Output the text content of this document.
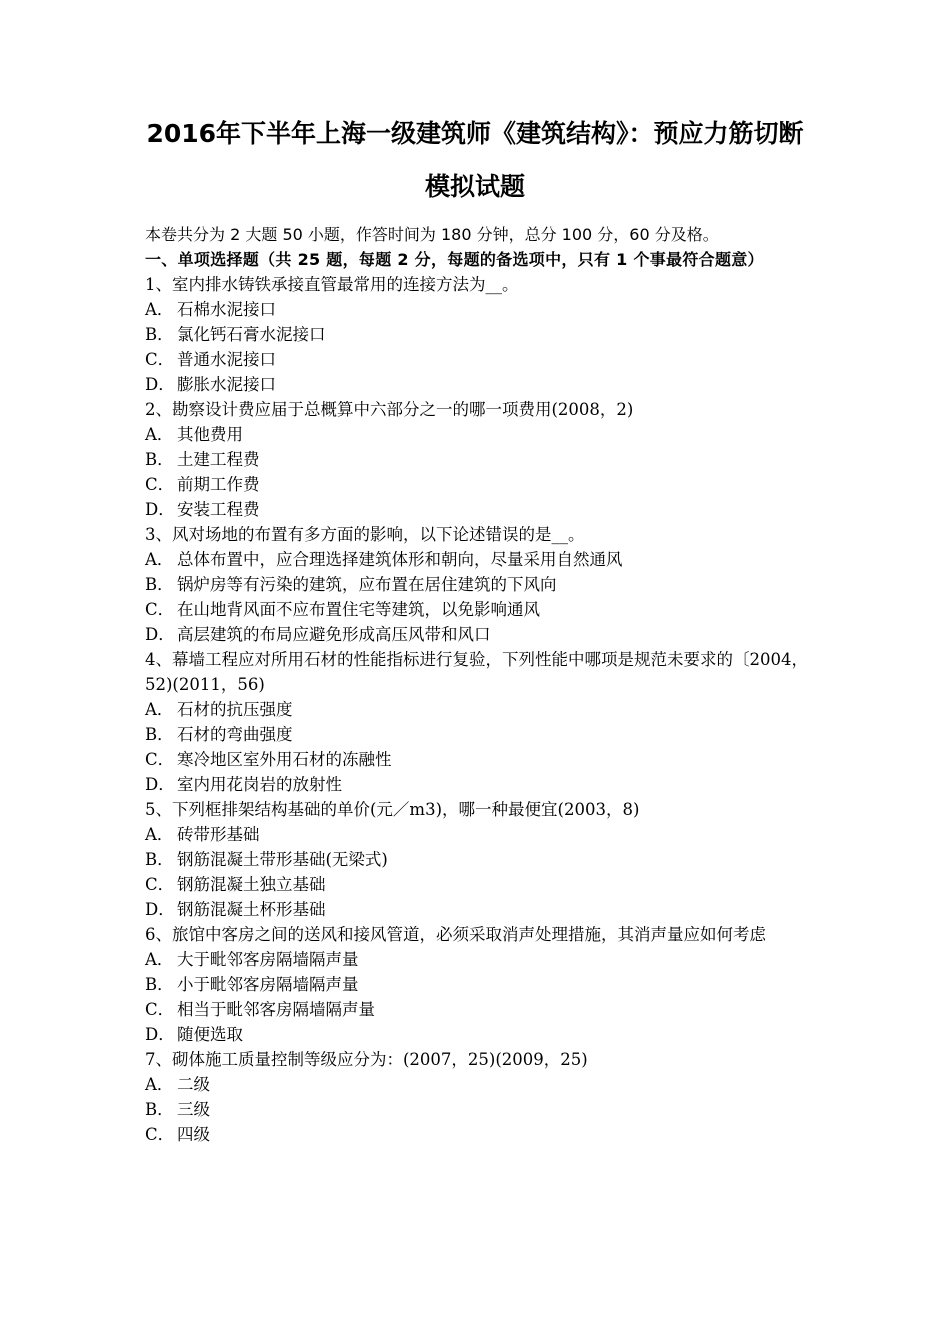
2016年下半年上海一级建筑师《建筑结构》：预应力筋切断
模拟试题
本卷共分为 2 大题 50 小题，作答时间为 180 分钟，总分 100 分，60 分及格。
一、单项选择题（共 25 题，每题 2 分，每题的备选项中，只有 1 个事最符合题意）
1、室内排水铸铁承接直管最常用的连接方法为__。
A． 石棉水泥接口
B． 氯化钙石膏水泥接口
C． 普通水泥接口
D． 膨胀水泥接口
2、勘察设计费应届于总概算中六部分之一的哪一项费用(2008，2)
A． 其他费用
B． 土建工程费
C． 前期工作费
D． 安装工程费
3、风对场地的布置有多方面的影响，以下论述错误的是__。
A． 总体布置中，应合理选择建筑体形和朝向，尽量采用自然通风
B． 锅炉房等有污染的建筑，应布置在居住建筑的下风向
C． 在山地背风面不应布置住宅等建筑，以免影响通风
D． 高层建筑的布局应避免形成高压风带和风口
4、幕墙工程应对所用石材的性能指标进行复验，下列性能中哪项是规范未要求的〔2004，52)(2011，56)
A． 石材的抗压强度
B． 石材的弯曲强度
C． 寒冷地区室外用石材的冻融性
D． 室内用花岗岩的放射性
5、下列框排架结构基础的单价(元／m3)，哪一种最便宜(2003，8)
A． 砖带形基础
B． 钢筋混凝土带形基础(无梁式)
C． 钢筋混凝土独立基础
D． 钢筋混凝土杯形基础
6、旅馆中客房之间的送风和接风管道，必须采取消声处理措施，其消声量应如何考虑
A． 大于毗邻客房隔墙隔声量
B． 小于毗邻客房隔墙隔声量
C． 相当于毗邻客房隔墙隔声量
D． 随便选取
7、砌体施工质量控制等级应分为：(2007，25)(2009，25)
A． 二级
B． 三级
C． 四级
